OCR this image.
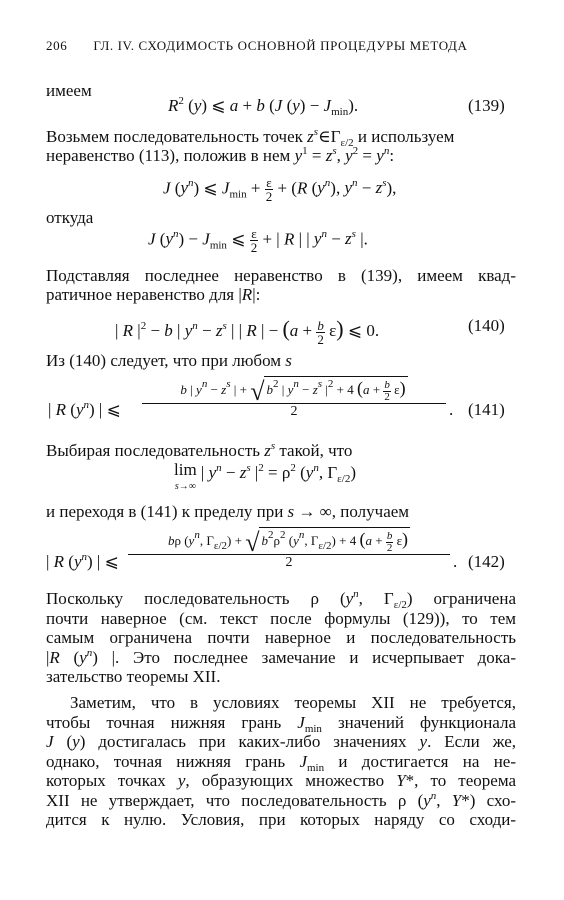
206 ГЛ. IV. СХОДИМОСТЬ ОСНОВНОЙ ПРОЦЕДУРЫ МЕТОДА
имеем
$R^2$ (y) ⩽ a + b (J $(y) - J_{min}$).	(139)
Возьмем последовательность точек $z^s\in\Gamma_{\varepsilon/2}$ и используем
неравенство (113), положив в нем $y^1 = z^s$, $y^2 = y^n$:
J $(y^n)$ ⩽ $J_{min} + \frac{\varepsilon}{2} + (R$ $(y^n)$, $y^n - z^s$),
откуда
J $(y^n) - J_{min}$ ⩽ $\frac{\varepsilon}{2}$ + | R | | $y^n - z^s$ |.
Подставляя последнее неравенство в (139), имеем квад-
ратичное неравенство для |R|:
| R $|^2 - b$ | $y^n - z^s$ | | R | − $(a + \frac{b}{2} \varepsilon)$ ⩽ 0.	(140)
Из (140) следует, что при любом s
| R $(y^n)$ | ⩽
b | $y^n - z^s$ | + √ $b^2$ | $y^n - z^s$ $|^2 + 4$ $(a + \frac{b}{2} \varepsilon)$
2	. (141)
Выбирая последовательность $z^s$ такой, что
lim
s→∞ | $y^n - z^s$ $|^2 = \rho^2$ ($y^n$, $\Gamma_{\varepsilon/2}$)
и переходя в (141) к пределу при s → ∞, получаем
| R $(y^n)$ | ⩽
bρ ($y^n$, $\Gamma_{\varepsilon/2}$) + √ $b^2\rho^2$ ($y^n$, $\Gamma_{\varepsilon/2}) + 4$ $(a + \frac{b}{2} \varepsilon)$
2	. (142)
Поскольку последовательность ρ ($y^n$, $\Gamma_{\varepsilon/2}$) ограничена
почти наверное (см. текст после формулы (129)), то тем
самым ограничена почти наверное и последовательность
|R $(y^n)$ |. Это последнее замечание и исчерпывает дока-
зательство теоремы XII.
Заметим, что в условиях теоремы XII не требуется,
чтобы точная нижняя грань $J_{min}$ значений функционала
J (y) достигалась при каких-либо значениях y. Если же,
однако, точная нижняя грань $J_{min}$ и достигается на не-
которых точках y, образующих множество Y*, то теорема
XII не утверждает, что последовательность ρ ($y^n$, Y*) схо-
дится к нулю. Условия, при которых наряду со сходи-
